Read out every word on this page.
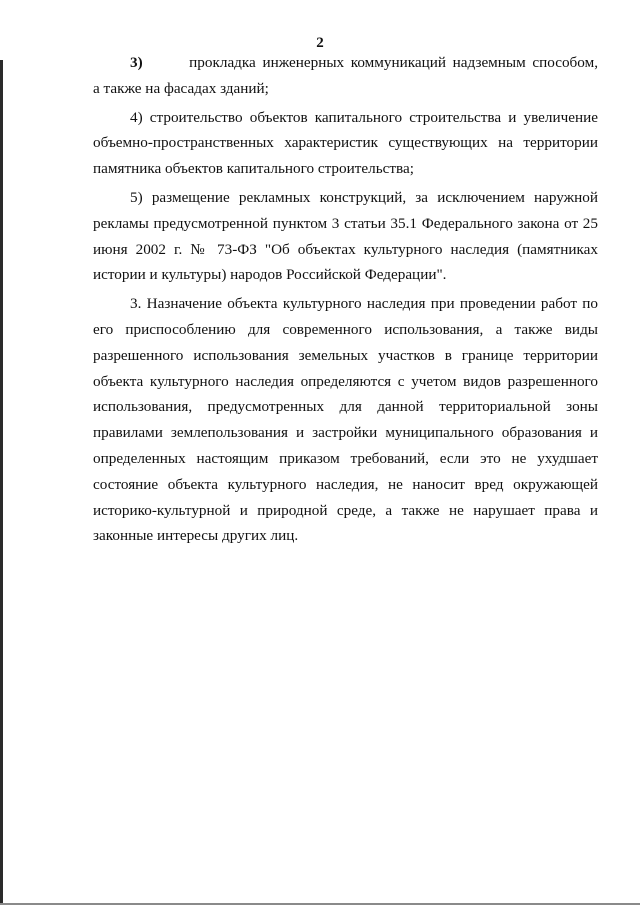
2
3)	прокладка инженерных коммуникаций надземным способом,
а также на фасадах зданий;
4) строительство объектов капитального строительства и увеличение
объемно-пространственных характеристик существующих на территории
памятника объектов капитального строительства;
5) размещение рекламных конструкций, за исключением наружной
рекламы предусмотренной пунктом 3 статьи 35.1 Федерального закона от 25
июня 2002 г. № 73-ФЗ "Об объектах культурного наследия (памятниках
истории и культуры) народов Российской Федерации".
3. Назначение объекта культурного наследия при проведении работ по
его приспособлению для современного использования, а также виды
разрешенного использования земельных участков в границе территории
объекта культурного наследия определяются с учетом видов разрешенного
использования, предусмотренных для данной территориальной зоны
правилами землепользования и застройки муниципального образования и
определенных настоящим приказом требований, если это не ухудшает
состояние объекта культурного наследия, не наносит вред окружающей
историко-культурной и природной среде, а также не нарушает права и
законные интересы других лиц.
